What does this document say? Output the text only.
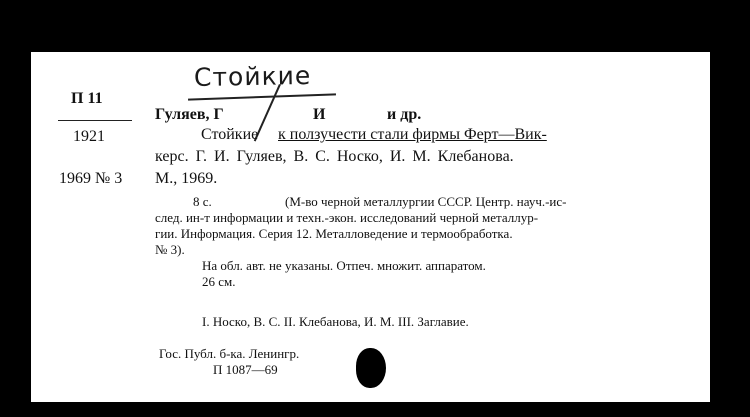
Стойкие
П 11
1921
1969 № 3
Гуляев, Г	И	и др.
Стойкие к ползучести стали фирмы Ферт—Вик-
керс. Г. И. Гуляев, В. С. Носко, И. М. Клебанова.
М., 1969.
8 с.	(М-во черной металлургии СССР. Центр. науч.-ис-
след. ин-т информации и техн.-экон. исследований черной металлур-
гии. Информация. Серия 12. Металловедение и термообработка.
№ 3).
На обл. авт. не указаны. Отпеч. множит. аппаратом.
26 см.
I. Носко, В. С. II. Клебанова, И. М. III. Заглавие.
Гос. Публ. б-ка. Ленингр.
П 1087—69
